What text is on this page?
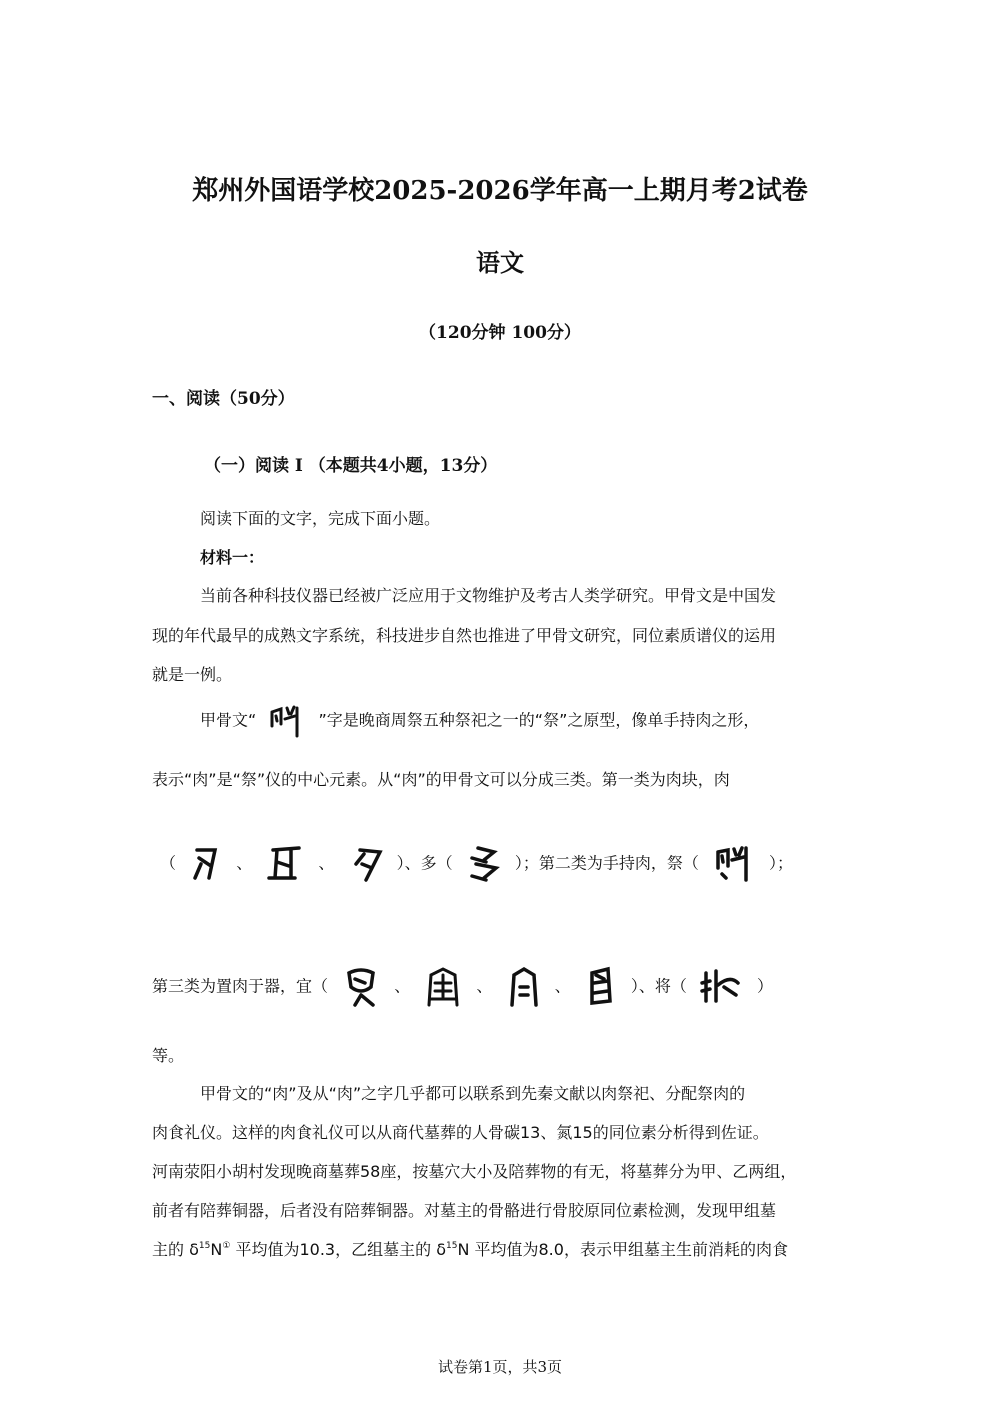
郑州外国语学校2025-2026学年高一上期月考2试卷
语文
（120分钟 100分）
一、阅读（50分）
（一）阅读 I （本题共4小题，13分）
阅读下面的文字，完成下面小题。
材料一：
当前各种科技仪器已经被广泛应用于文物维护及考古人类学研究。甲骨文是中国发
现的年代最早的成熟文字系统，科技进步自然也推进了甲骨文研究，同位素质谱仪的运用
就是一例。
甲骨文“	”字是晚商周祭五种祭祀之一的“祭”之原型，像单手持肉之形，
表示“肉”是“祭”仪的中心元素。从“肉”的甲骨文可以分成三类。第一类为肉块，肉
（	、	、	）、多（	）；第二类为手持肉，祭（	）；
第三类为置肉于器，宜（	、	、	、	）、将（	）
等。
甲骨文的“肉”及从“肉”之字几乎都可以联系到先秦文献以肉祭祀、分配祭肉的
肉食礼仪。这样的肉食礼仪可以从商代墓葬的人骨碳13、氮15的同位素分析得到佐证。
河南荥阳小胡村发现晚商墓葬58座，按墓穴大小及陪葬物的有无，将墓葬分为甲、乙两组，
前者有陪葬铜器，后者没有陪葬铜器。对墓主的骨骼进行骨胶原同位素检测，发现甲组墓
主的 $\delta^{15}N^①$ 平均值为10.3，乙组墓主的 $\delta^{15}N$ 平均值为8.0，表示甲组墓主生前消耗的肉食
试卷第1页，共3页
